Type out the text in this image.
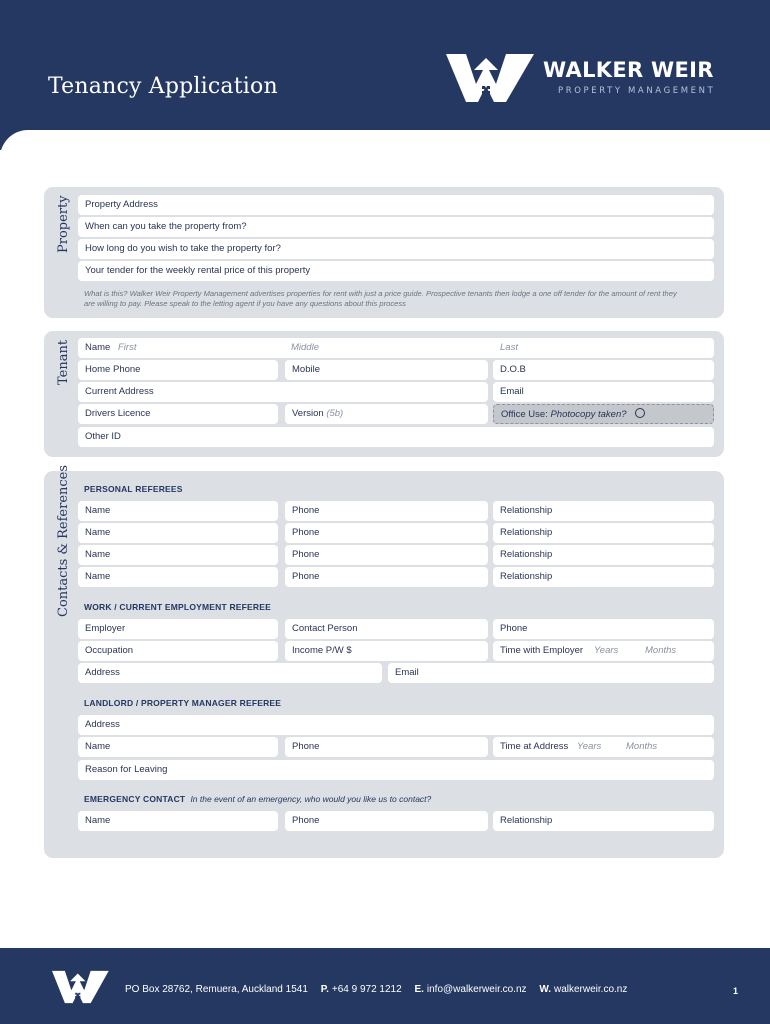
Tenancy Application
WALKER WEIR
PROPERTY MANAGEMENT
Property	Property Address
When can you take the property from?
How long do you wish to take the property for?
Your tender for the weekly rental price of this property
What is this? Walker Weir Property Management advertises properties for rent with just a price guide. Prospective tenants then lodge a one off tender for the amount of rent they are willing to pay. Please speak to the letting agent if you have any questions about this process
Tenant	Name First	Middle	Last
Home Phone	Mobile	D.O.B
Current Address	Email
Drivers Licence	Version (5b)	Office Use: Photocopy taken?
Other ID
Contacts & References PERSONAL REFEREES
Name	Phone	Relationship
Name	Phone	Relationship
Name	Phone	Relationship
Name	Phone	Relationship
WORK / CURRENT EMPLOYMENT REFEREE
Employer	Contact Person	Phone
Occupation	Income P/W $	Time with Employer Years	Months
Address	Email
LANDLORD / PROPERTY MANAGER REFEREE
Address
Name	Phone	Time at Address Years	Months
Reason for Leaving
EMERGENCY CONTACT In the event of an emergency, who would you like us to contact?
Name	Phone	Relationship
PO Box 28762, Remuera, Auckland 1541 P. +64 9 972 1212 E. info@walkerweir.co.nz W. walkerweir.co.nz	1
